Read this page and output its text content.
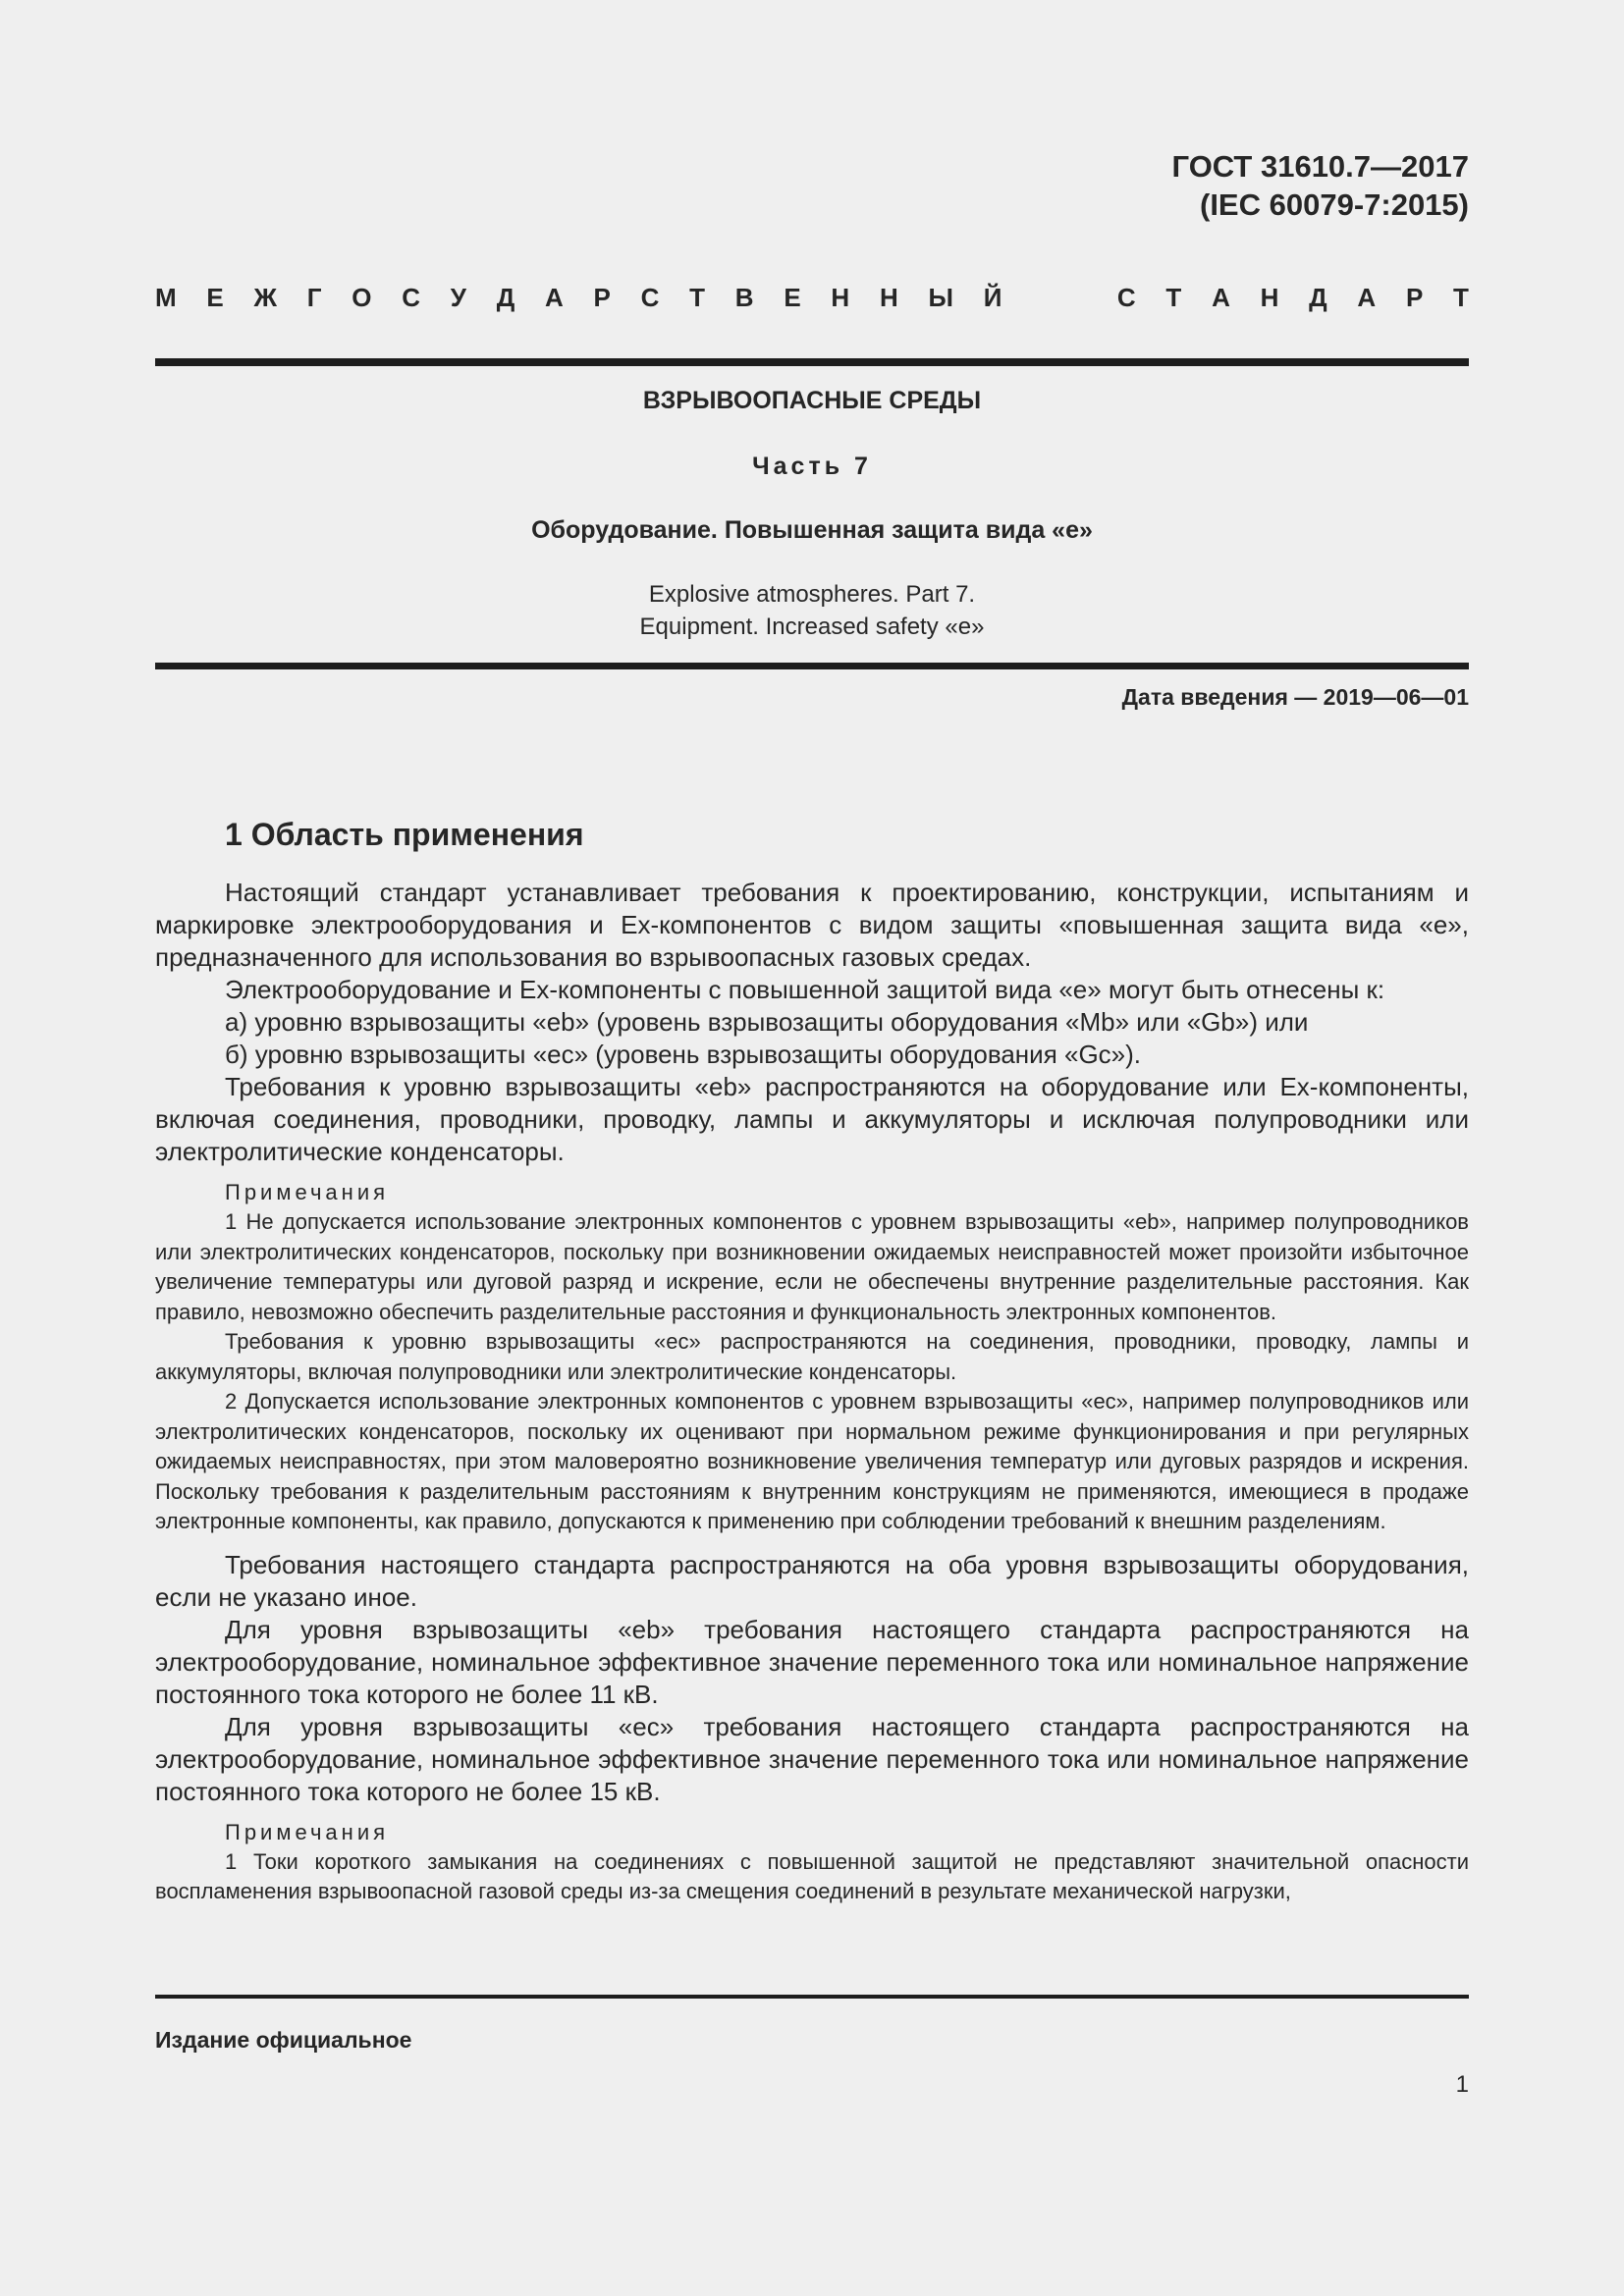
ГОСТ 31610.7—2017
(IEC 60079-7:2015)
М Е Ж Г О С У Д А Р С Т В Е Н Н Ы Й	С Т А Н Д А Р Т
ВЗРЫВООПАСНЫЕ СРЕДЫ
Часть 7
Оборудование. Повышенная защита вида «е»
Explosive atmospheres. Part 7.
Equipment. Increased safety «е»
Дата введения — 2019—06—01
1 Область применения

Настоящий стандарт устанавливает требования к проектированию, конструкции, испытаниям и маркировке электрооборудования и Ex-компонентов с видом защиты «повышенная защита вида «е», предназначенного для использования во взрывоопасных газовых средах.

Электрооборудование и Ex-компоненты с повышенной защитой вида «е» могут быть отнесены к:

а) уровню взрывозащиты «eb» (уровень взрывозащиты оборудования «Mb» или «Gb») или

б) уровню взрывозащиты «ec» (уровень взрывозащиты оборудования «Gc»).

Требования к уровню взрывозащиты «eb» распространяются на оборудование или Ex-компоненты, включая соединения, проводники, проводку, лампы и аккумуляторы и исключая полупроводники или электролитические конденсаторы.

Примечания

1 Не допускается использование электронных компонентов с уровнем взрывозащиты «eb», например полупроводников или электролитических конденсаторов, поскольку при возникновении ожидаемых неисправностей может произойти избыточное увеличение температуры или дуговой разряд и искрение, если не обеспечены внутренние разделительные расстояния. Как правило, невозможно обеспечить разделительные расстояния и функциональность электронных компонентов.

Требования к уровню взрывозащиты «ec» распространяются на соединения, проводники, проводку, лампы и аккумуляторы, включая полупроводники или электролитические конденсаторы.

2 Допускается использование электронных компонентов с уровнем взрывозащиты «ec», например полупроводников или электролитических конденсаторов, поскольку их оценивают при нормальном режиме функционирования и при регулярных ожидаемых неисправностях, при этом маловероятно возникновение увеличения температур или дуговых разрядов и искрения. Поскольку требования к разделительным расстояниям к внутренним конструкциям не применяются, имеющиеся в продаже электронные компоненты, как правило, допускаются к применению при соблюдении требований к внешним разделениям.

Требования настоящего стандарта распространяются на оба уровня взрывозащиты оборудования, если не указано иное.

Для уровня взрывозащиты «eb» требования настоящего стандарта распространяются на электрооборудование, номинальное эффективное значение переменного тока или номинальное напряжение постоянного тока которого не более 11 кВ.

Для уровня взрывозащиты «ec» требования настоящего стандарта распространяются на электрооборудование, номинальное эффективное значение переменного тока или номинальное напряжение постоянного тока которого не более 15 кВ.

Примечания

1 Токи короткого замыкания на соединениях с повышенной защитой не представляют значительной опасности воспламенения взрывоопасной газовой среды из-за смещения соединений в результате механической нагрузки,

Издание официальное
1
